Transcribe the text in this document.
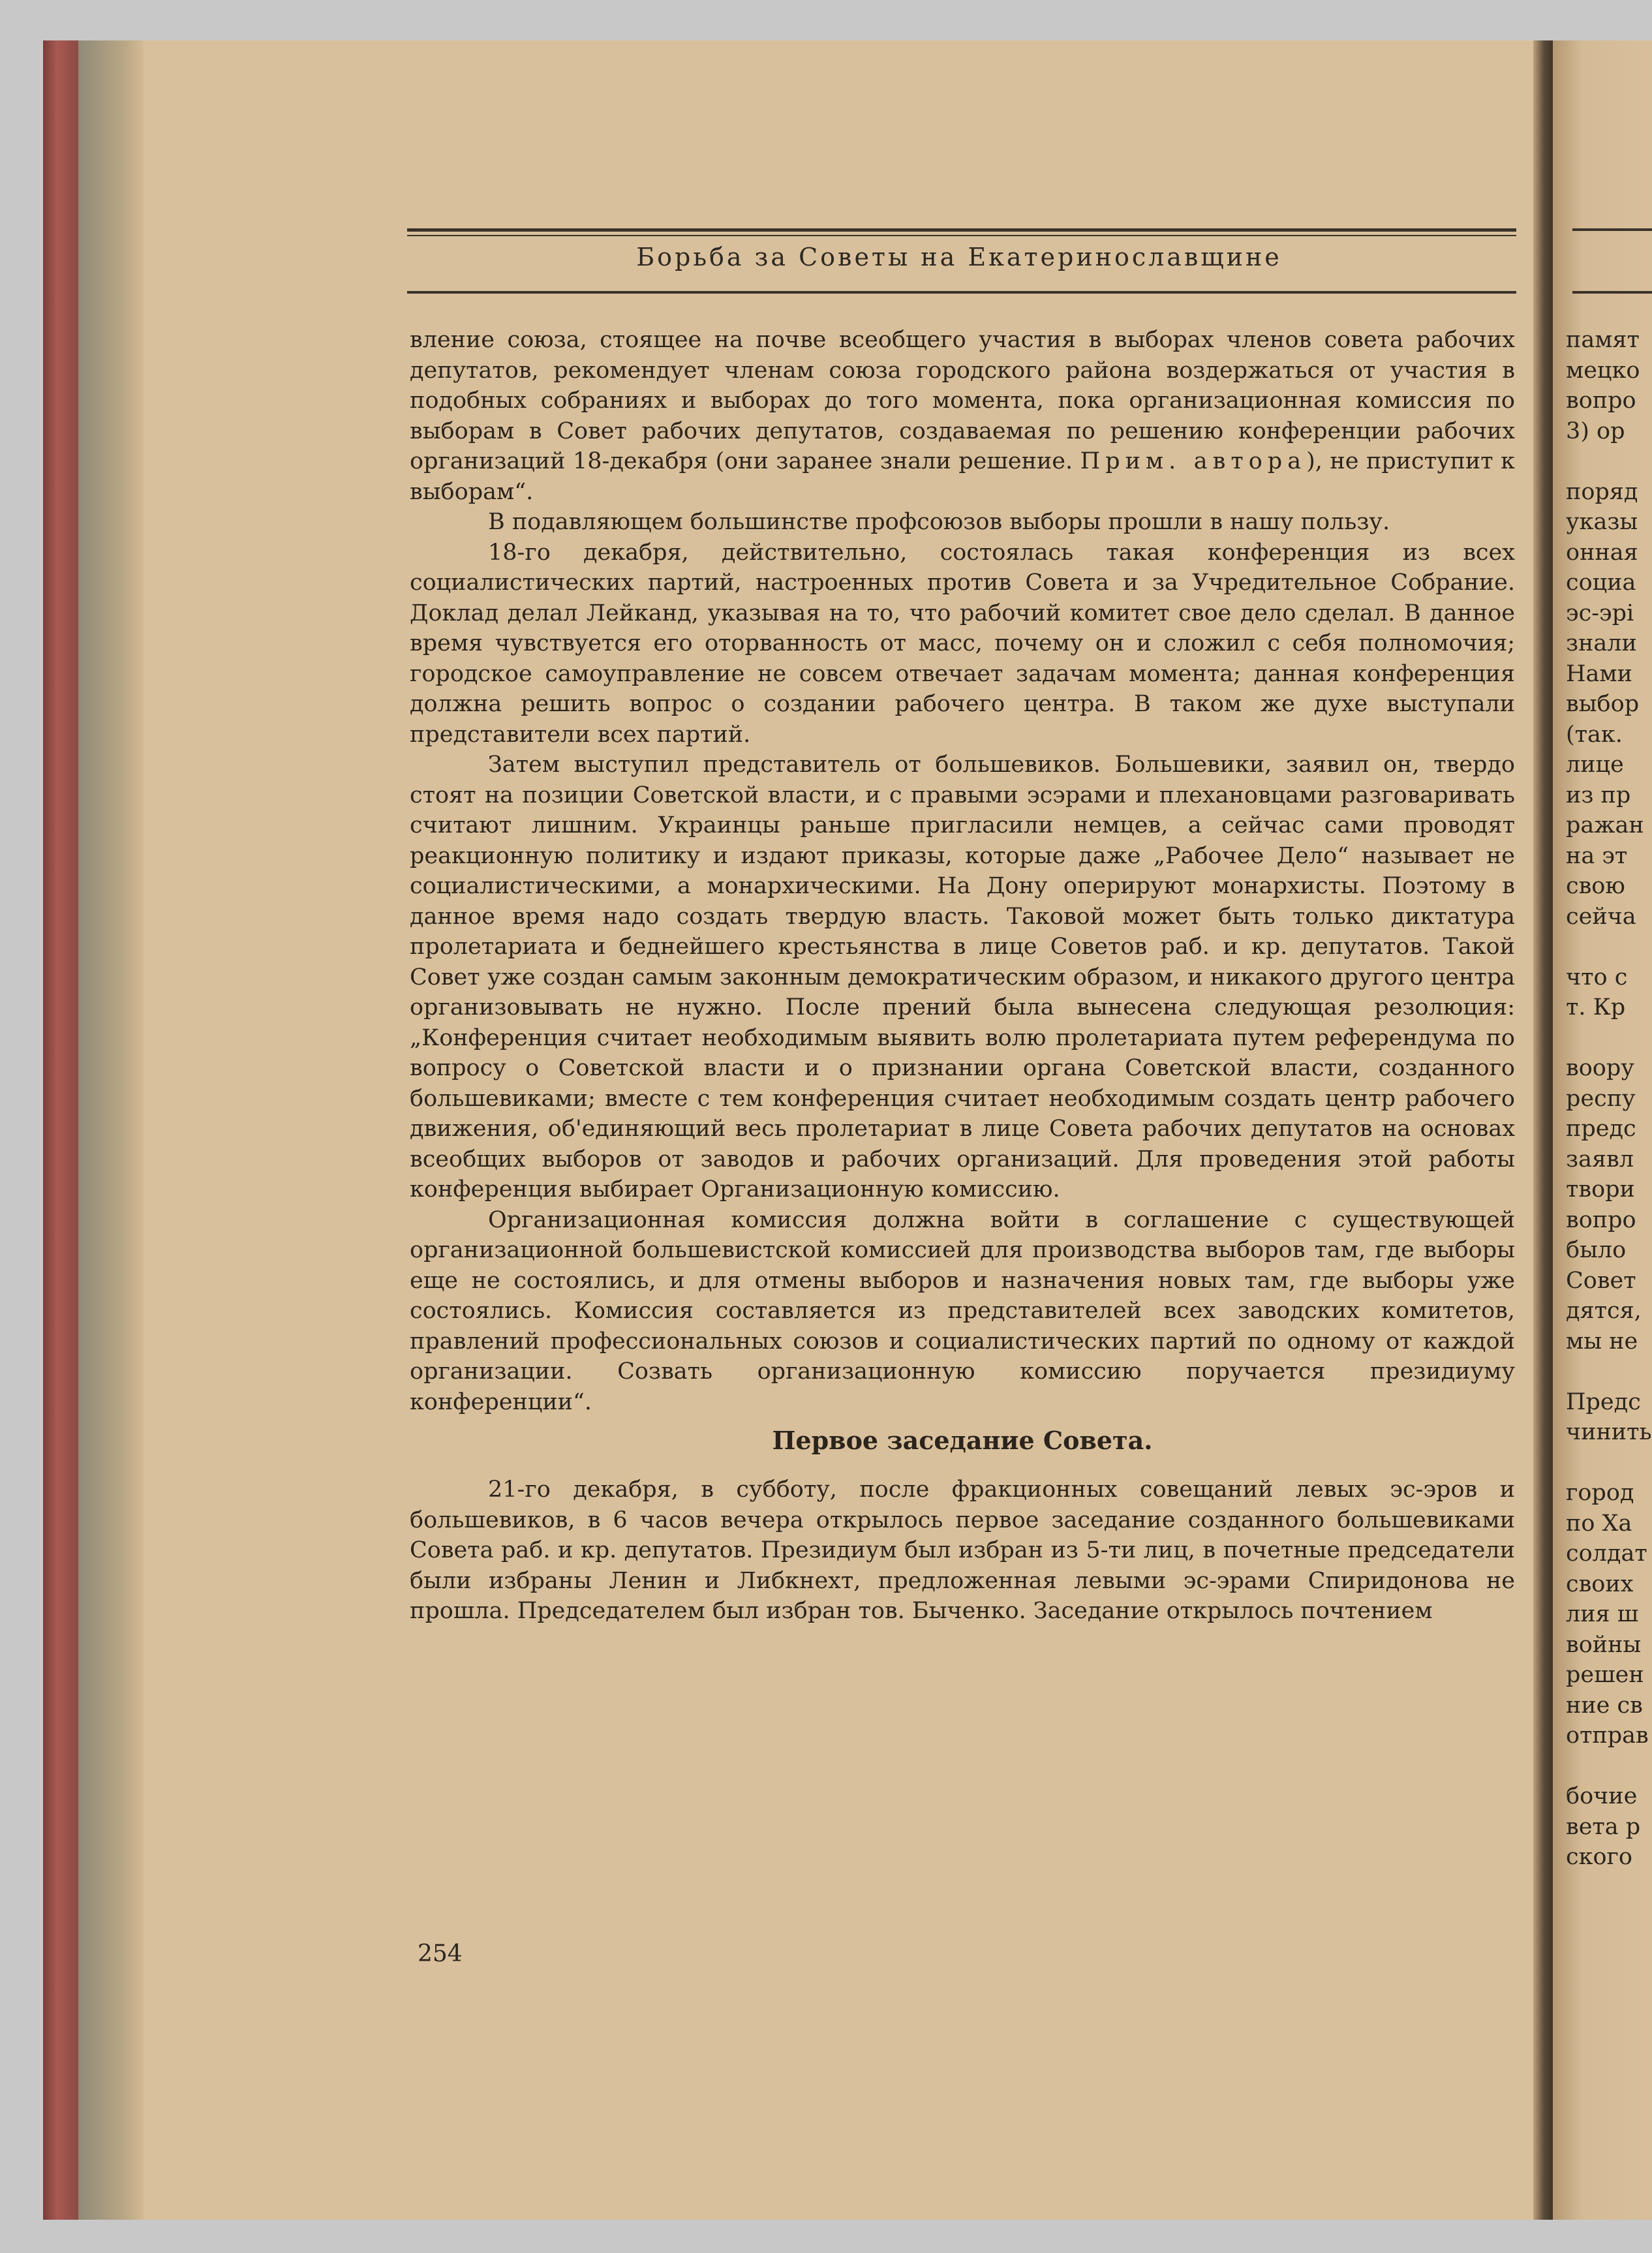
Борьба за Советы на Екатеринославщине

вление союза, стоящее на почве всеобщего участия в выборах членов совета рабочих депутатов, рекомендует членам союза городского района воздержаться от участия в подобных собраниях и выборах до того момента, пока организационная комиссия по выборам в Совет рабочих депутатов, создаваемая по решению конференции рабочих организаций 18-декабря (они заранее знали решение. Прим. автора), не приступит к выборам“.

В подавляющем большинстве профсоюзов выборы прошли в нашу пользу.

18-го декабря, действительно, состоялась такая конференция из всех социалистических партий, настроенных против Совета и за Учредительное Собрание. Доклад делал Лейканд, указывая на то, что рабочий комитет свое дело сделал. В данное время чувствуется его оторванность от масс, почему он и сложил с себя полномочия; городское самоуправление не совсем отвечает задачам момента; данная конференция должна решить вопрос о создании рабочего центра. В таком же духе выступали представители всех партий.

Затем выступил представитель от большевиков. Большевики, заявил он, твердо стоят на позиции Советской власти, и с правыми эсэрами и плехановцами разговаривать считают лишним. Украинцы раньше пригласили немцев, а сейчас сами проводят реакционную политику и издают приказы, которые даже „Рабочее Дело“ называет не социалистическими, а монархическими. На Дону оперируют монархисты. Поэтому в данное время надо создать твердую власть. Таковой может быть только диктатура пролетариата и беднейшего крестьянства в лице Советов раб. и кр. депутатов. Такой Совет уже создан самым законным демократическим образом, и никакого другого центра организовывать не нужно. После прений была вынесена следующая резолюция: „Конференция считает необходимым выявить волю пролетариата путем референдума по вопросу о Советской власти и о признании органа Советской власти, созданного большевиками; вместе с тем конференция считает необходимым создать центр рабочего движения, об'единяющий весь пролетариат в лице Совета рабочих депутатов на основах всеобщих выборов от заводов и рабочих организаций. Для проведения этой работы конференция выбирает Организационную комиссию.

Организационная комиссия должна войти в соглашение с существующей организационной большевистской комиссией для производства выборов там, где выборы еще не состоялись, и для отмены выборов и назначения новых там, где выборы уже состоялись. Комиссия составляется из представителей всех заводских комитетов, правлений профессиональных союзов и социалистических партий по одному от каждой организации. Созвать организационную комиссию поручается президиуму конференции“.

Первое заседание Совета.

21-го декабря, в субботу, после фракционных совещаний левых эс-эров и большевиков, в 6 часов вечера открылось первое заседание созданного большевиками Совета раб. и кр. депутатов. Президиум был избран из 5-ти лиц, в почетные председатели были избраны Ленин и Либкнехт, предложенная левыми эс-эрами Спиридонова не прошла. Председателем был избран тов. Быченко. Заседание открылось почтением

254
памят
мецко
вопро
3) ор
поряд
указы
онная
социа
эс-эрі
знали
Нами
выбор
(так.
лице
из пр
ражан
на эт
свою
сейча
что с
т. Кр
воору
респу
предс
заявл
твори
вопро
было
Совет
дятся,
мы не
Предс
чинить
город
по Ха
солдат
своих
лия ш
войны
решен
ние св
отправ
бочие
вета р
ского
